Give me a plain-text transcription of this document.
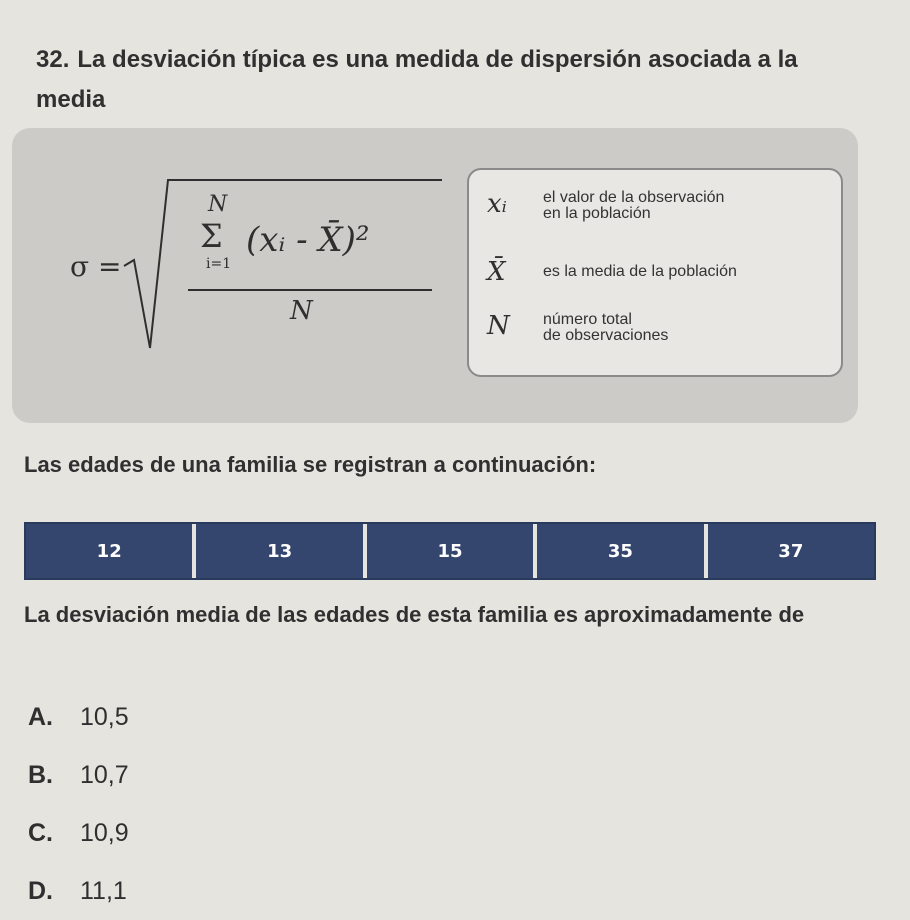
32. La desviación típica es una medida de dispersión asociada a la media
σ =
N
Σ
i=1
(xᵢ - X̄)²
N
xᵢ	el valor de la observación
en la población
X̄	es la media de la población
N	número total
de observaciones
Las edades de una familia se registran a continuación:
12	13	15	35	37
La desviación media de las edades de esta familia es aproximadamente de
A.	10,5
B.	10,7
C.	10,9
D.	11,1
